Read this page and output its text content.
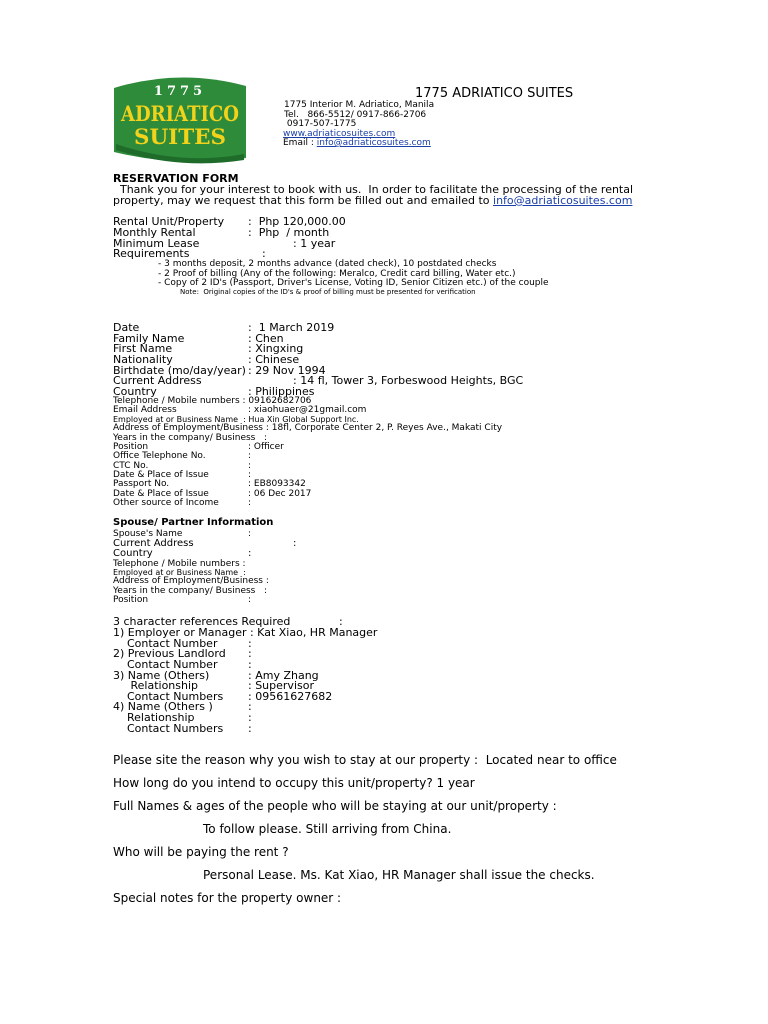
1775
ADRIATICO
SUITES
1775 ADRIATICO SUITES
1775 Interior M. Adriatico, Manila
Tel.   866-5512/ 0917-866-2706
0917-507-1775
www.adriaticosuites.com
Email : info@adriaticosuites.com
RESERVATION FORM
Thank you for your interest to book with us.  In order to facilitate the processing of the rental
property, may we request that this form be filled out and emailed to info@adriaticosuites.com
Rental Unit/Property :  Php 120,000.00
Monthly Rental	:  Php  / month
Minimum Lease	: 1 year
Requirements	:
- 3 months deposit, 2 months advance (dated check), 10 postdated checks
- 2 Proof of billing (Any of the following: Meralco, Credit card billing, Water etc.)
- Copy of 2 ID's (Passport, Driver's License, Voting ID, Senior Citizen etc.) of the couple
Note:  Original copies of the ID's & proof of billing must be presented for verification
Date	:  1 March 2019
Family Name	: Chen
First Name	: Xingxing
Nationality	: Chinese
Birthdate (mo/day/year) : 29 Nov 1994
Current Address	: 14 fl, Tower 3, Forbeswood Heights, BGC
Country	: Philippines
Telephone / Mobile numbers : 09162682706
Email Address	: xiaohuaer@21gmail.com
Employed at or Business Name  : Hua Xin Global Support Inc.
Address of Employment/Business : 18fl, Corporate Center 2, P. Reyes Ave., Makati City
Years in the company/ Business   :
Position	: Officer
Office Telephone No.	:
CTC No.	:
Date & Place of Issue	:
Passport No.	: EB8093342
Date & Place of Issue	: 06 Dec 2017
Other source of Income	:
Spouse/ Partner Information
Spouse's Name	:
Current Address	:
Country	:
Telephone / Mobile numbers :
Employed at or Business Name  :
Address of Employment/Business :
Years in the company/ Business   :
Position	:
3 character references Required	:
1) Employer or Manager : Kat Xiao, HR Manager
Contact Number	:
2) Previous Landlord :
Contact Number	:
3) Name (Others)	: Amy Zhang
Relationship	: Supervisor
Contact Numbers : 09561627682
4) Name (Others )	:
Relationship	:
Contact Numbers :
Please site the reason why you wish to stay at our property :  Located near to office
How long do you intend to occupy this unit/property? 1 year
Full Names & ages of the people who will be staying at our unit/property :
To follow please. Still arriving from China.
Who will be paying the rent ?
Personal Lease. Ms. Kat Xiao, HR Manager shall issue the checks.
Special notes for the property owner :
